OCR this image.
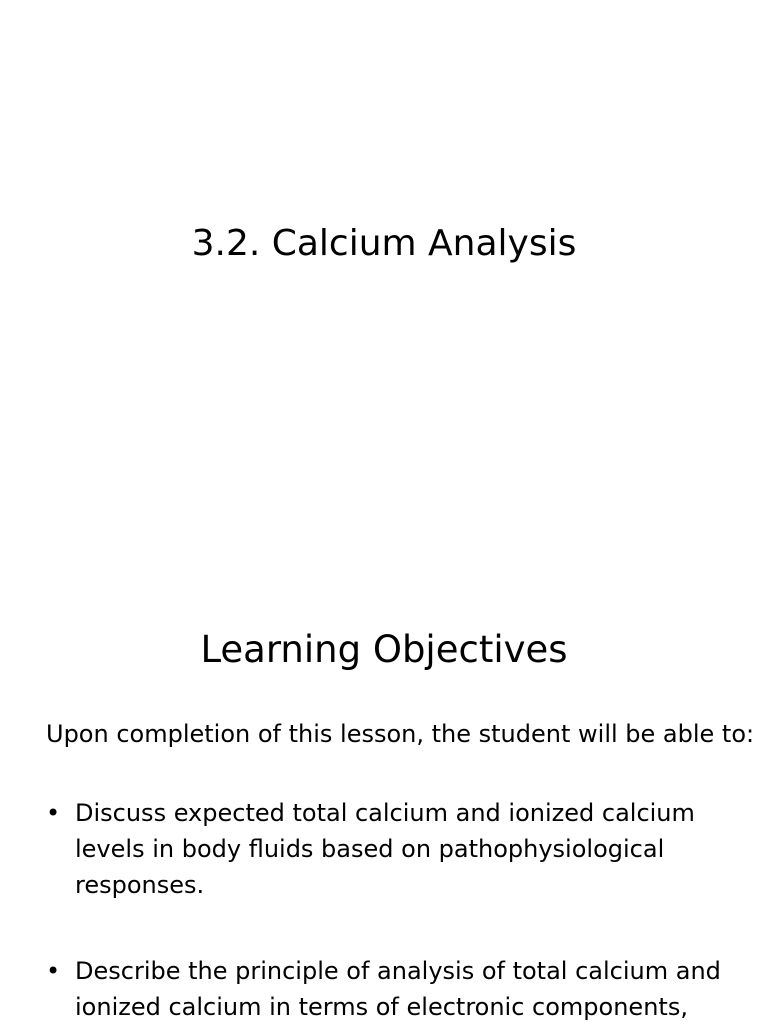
3.2. Calcium Analysis
Learning Objectives
Upon completion of this lesson, the student will be able to:
• Discuss expected total calcium and ionized calcium levels in body fluids based on pathophysiological responses.
• Describe the principle of analysis of total calcium and ionized calcium in terms of electronic components,
